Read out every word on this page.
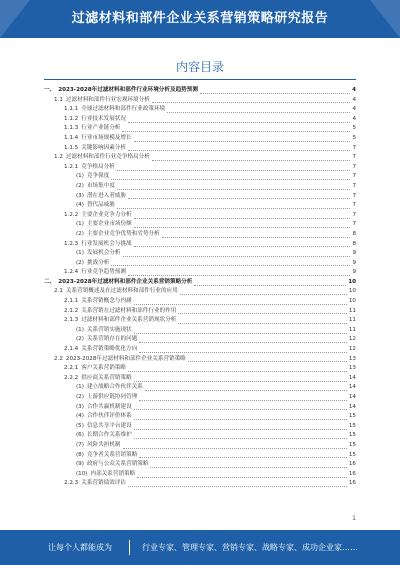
过滤材料和部件企业关系营销策略研究报告
内容目录
一、 2023-2028年过滤材料和部件行业环境分析及趋势预测	4
1.1 过滤材料和部件行业宏观环境分析	4
1.1.1 全球过滤材料和部件行业政策环境	4
1.1.2 行业技术发展状况	4
1.1.3 行业产业链分析	5
1.1.4 行业市场规模及增长	5
1.1.5 关键影响因素分析	7
1.2 过滤材料和部件行业竞争格局分析	7
1.2.1 竞争格局分析	7
(1) 竞争强度	7
(2) 市场集中度	7
(3) 潜在进入者威胁	7
(4) 替代品威胁	7
1.2.2 主要企业竞争力分析	7
(1) 主要企业市场份额	7
(2) 主要企业竞争优势和劣势分析	8
1.2.3 行业发展机会与挑战	8
(1) 发展机会分析	9
(2) 挑战分析	9
1.2.4 行业竞争趋势预测	9
二、 2023-2028年过滤材料和部件企业关系营销策略分析	10
2.1 关系营销概述及在过滤材料和部件行业的应用	10
2.1.1 关系营销概念与内涵	10
2.1.2 关系营销在过滤材料和部件行业的作用	11
2.1.3 过滤材料和部件企业关系营销现状分析	11
(1) 关系营销实施现状	11
(2) 关系营销存在的问题	12
2.1.4 关系营销策略优化方向	12
2.2 2023-2028年过滤材料和部件企业关系营销策略	13
2.2.1 客户关系营销策略	13
2.2.2 供应商关系营销策略	14
(1) 建立战略合作伙伴关系	14
(2) 上游供应链协同管理	14
(3) 合作共赢机制建设	14
(4) 合作伙伴评价体系	15
(5) 信息共享平台建设	15
(6) 长期合作关系维护	15
(7) 风险共担机制	15
(8) 竞争者关系营销策略	15
(9) 政府与公众关系营销策略	16
(10) 内部关系营销策略	16
2.2.3 关系营销绩效评估	16
1
让每个人都能成为	行业专家、管理专家、营销专家、战略专家、成功企业家……
